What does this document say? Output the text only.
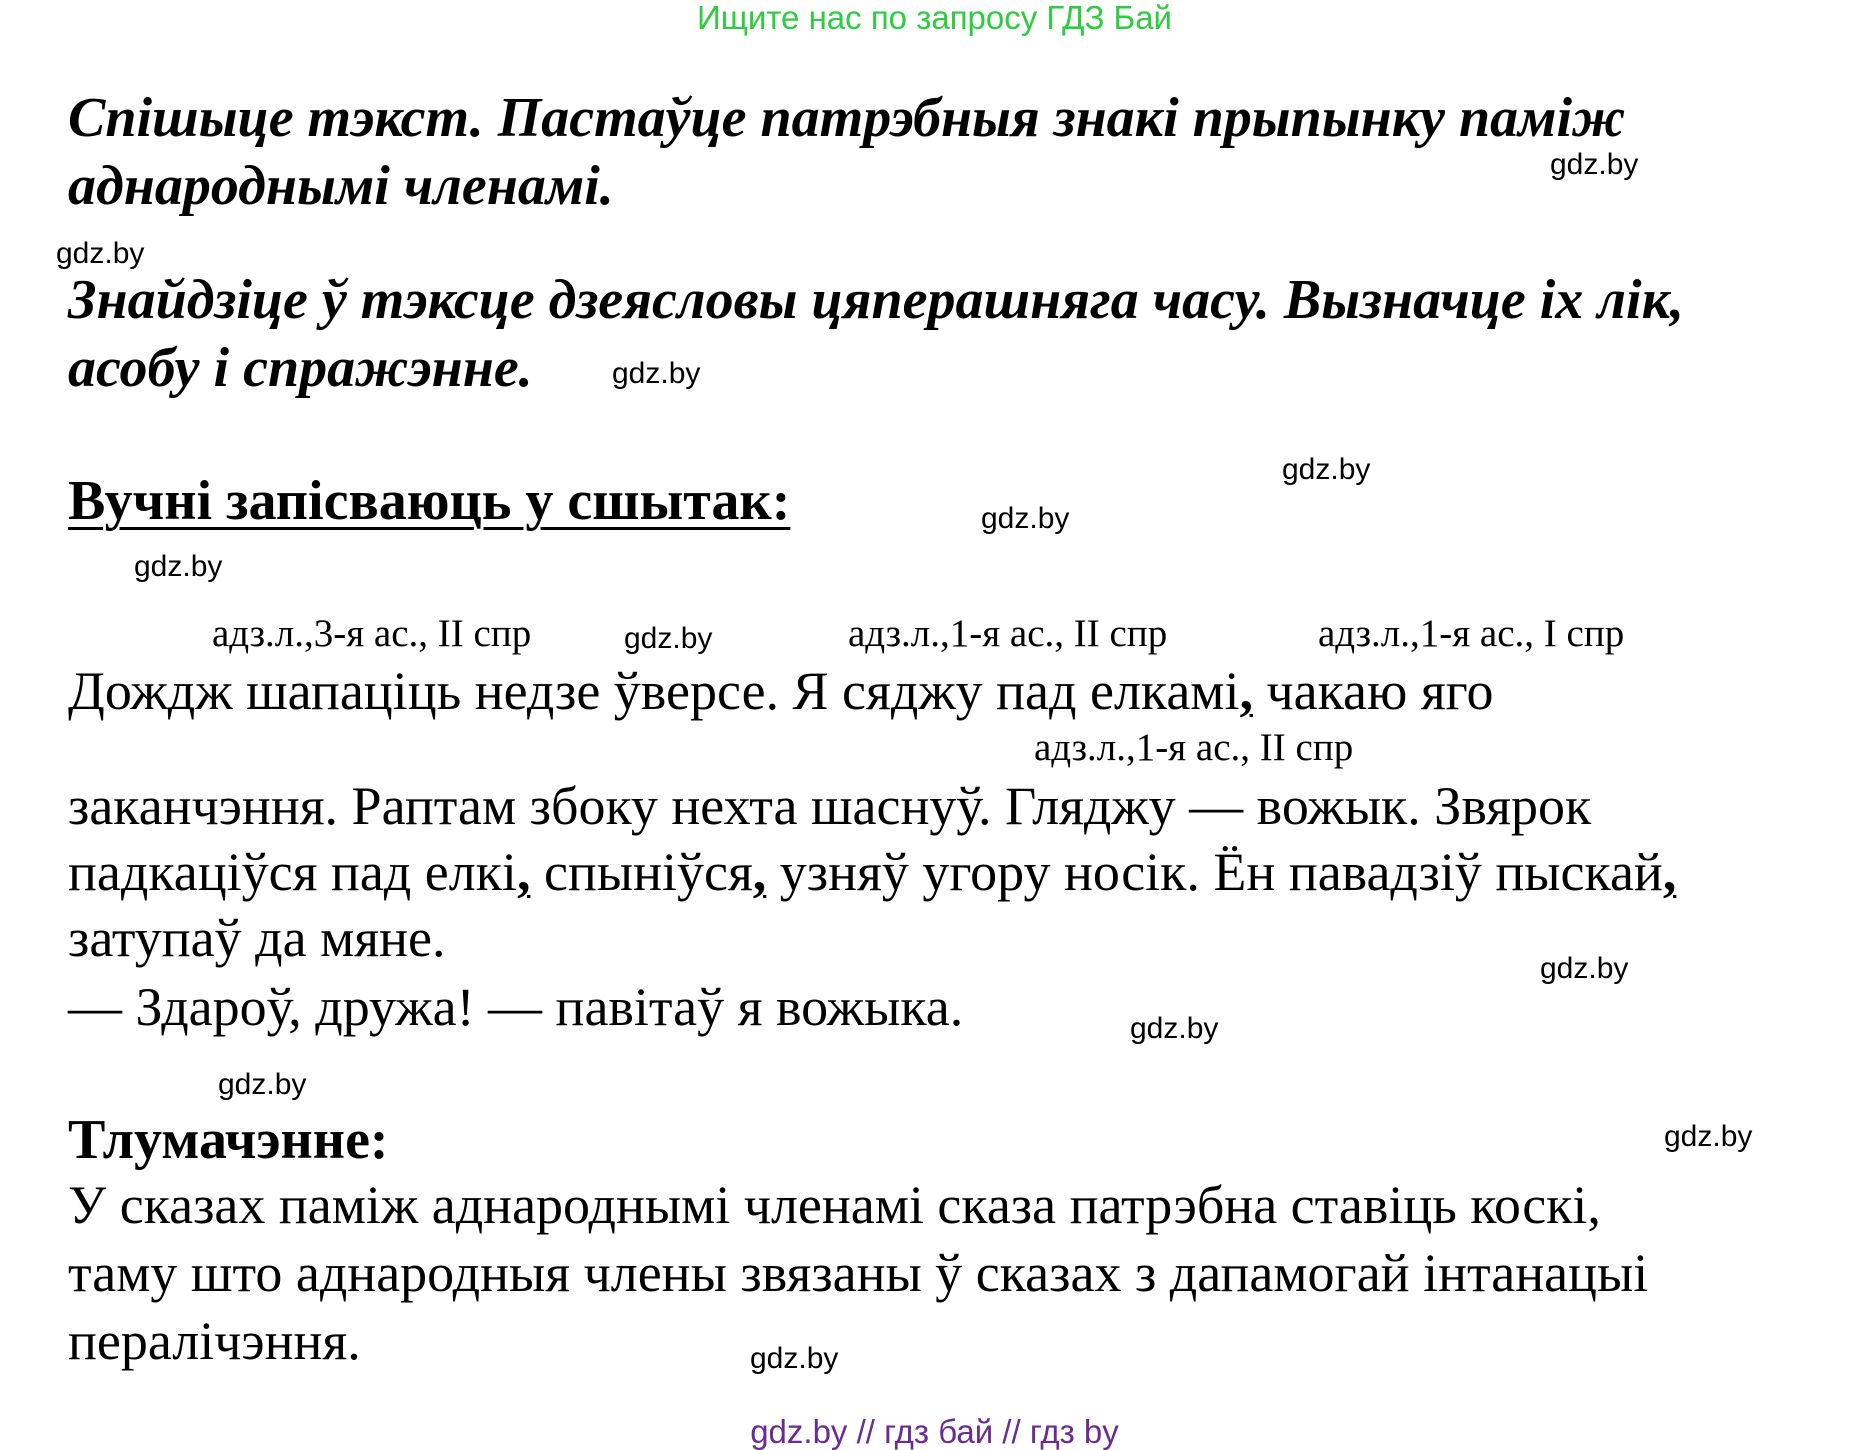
Ищите нас по запросу ГДЗ Бай
Спішыце тэкст. Пастаўце патрэбныя знакі прыпынку паміж
аднароднымі членамі.
Знайдзіце ў тэксце дзеясловы цяперашняга часу. Вызначце іх лік,
асобу і спражэнне.
Вучні запісваюць у сшытак:
адз.л.,3-я ас., II спр	адз.л.,1-я ас., II спр	адз.л.,1-я ас., I спр
адз.л.,1-я ас., II спр
Дождж шапаціць недзе ўверсе. Я сяджу пад елкамі, чакаю яго
заканчэння. Раптам збоку нехта шаснуў. Гляджу — вожык. Звярок
падкаціўся пад елкі, спыніўся, узняў угору носік. Ён павадзіў пыскай,
затупаў да мяне.
— Здароў, дружа! — павітаў я вожыка.
Тлумачэнне:
У сказах паміж аднароднымі членамі сказа патрэбна ставіць коскі,
таму што аднародныя члены звязаны ў сказах з дапамогай інтанацыі
пералічэння.
gdz.by
gdz.by
gdz.by
gdz.by
gdz.by
gdz.by
gdz.by
gdz.by
gdz.by
gdz.by
gdz.by
gdz.by
gdz.by // гдз бай // гдз by
